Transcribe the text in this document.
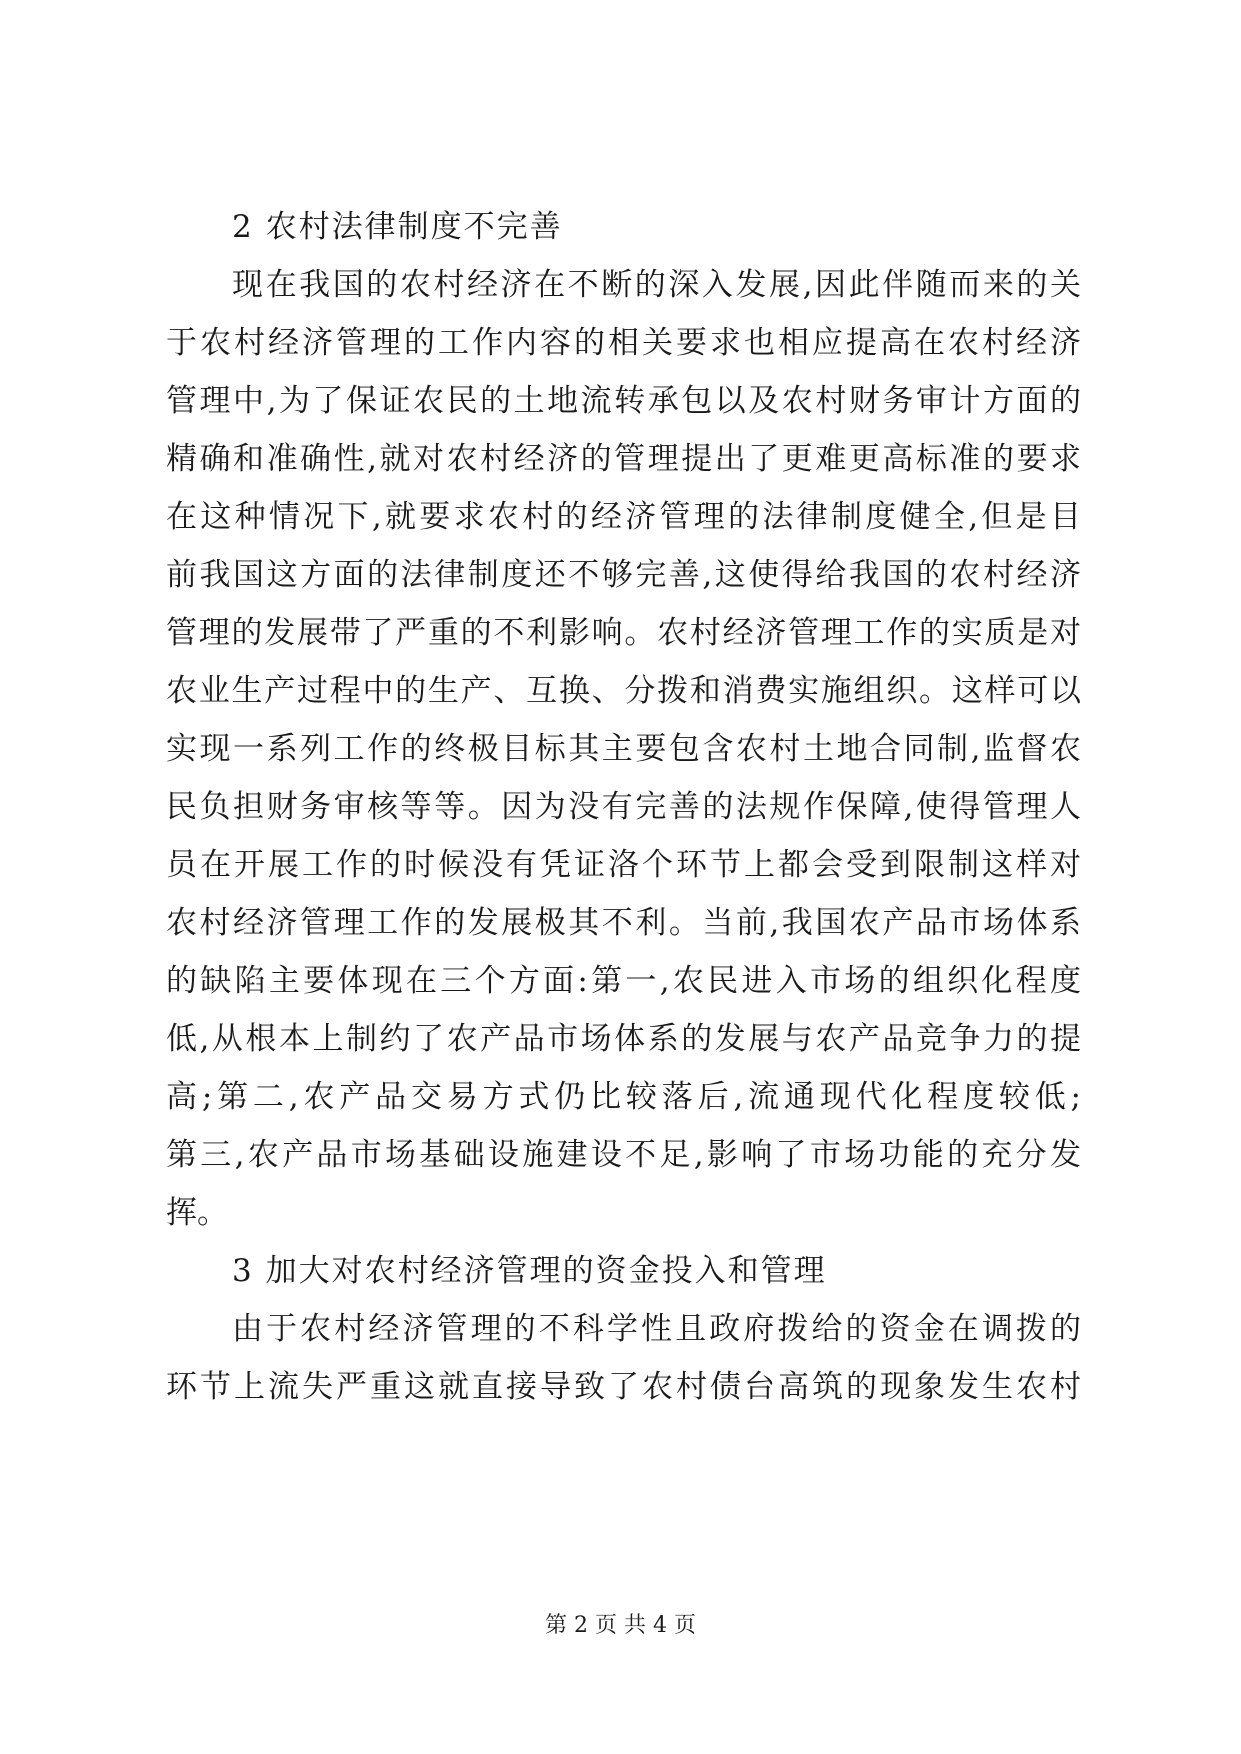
2 农村法律制度不完善
现在我国的农村经济在不断的深入发展,因此伴随而来的关
于农村经济管理的工作内容的相关要求也相应提高在农村经济
管理中,为了保证农民的土地流转承包以及农村财务审计方面的
精确和准确性,就对农村经济的管理提出了更难更高标准的要求
在这种情况下,就要求农村的经济管理的法律制度健全,但是目
前我国这方面的法律制度还不够完善,这使得给我国的农村经济
管理的发展带了严重的不利影响。农村经济管理工作的实质是对
农业生产过程中的生产、互换、分拨和消费实施组织。这样可以
实现一系列工作的终极目标其主要包含农村土地合同制,监督农
民负担财务审核等等。因为没有完善的法规作保障,使得管理人
员在开展工作的时候没有凭证洛个环节上都会受到限制这样对
农村经济管理工作的发展极其不利。当前,我国农产品市场体系
的缺陷主要体现在三个方面:第一,农民进入市场的组织化程度
低,从根本上制约了农产品市场体系的发展与农产品竞争力的提
高;第二,农产品交易方式仍比较落后,流通现代化程度较低;
第三,农产品市场基础设施建设不足,影响了市场功能的充分发
挥。
3 加大对农村经济管理的资金投入和管理
由于农村经济管理的不科学性且政府拨给的资金在调拨的
环节上流失严重这就直接导致了农村债台高筑的现象发生农村
第 2 页 共 4 页
